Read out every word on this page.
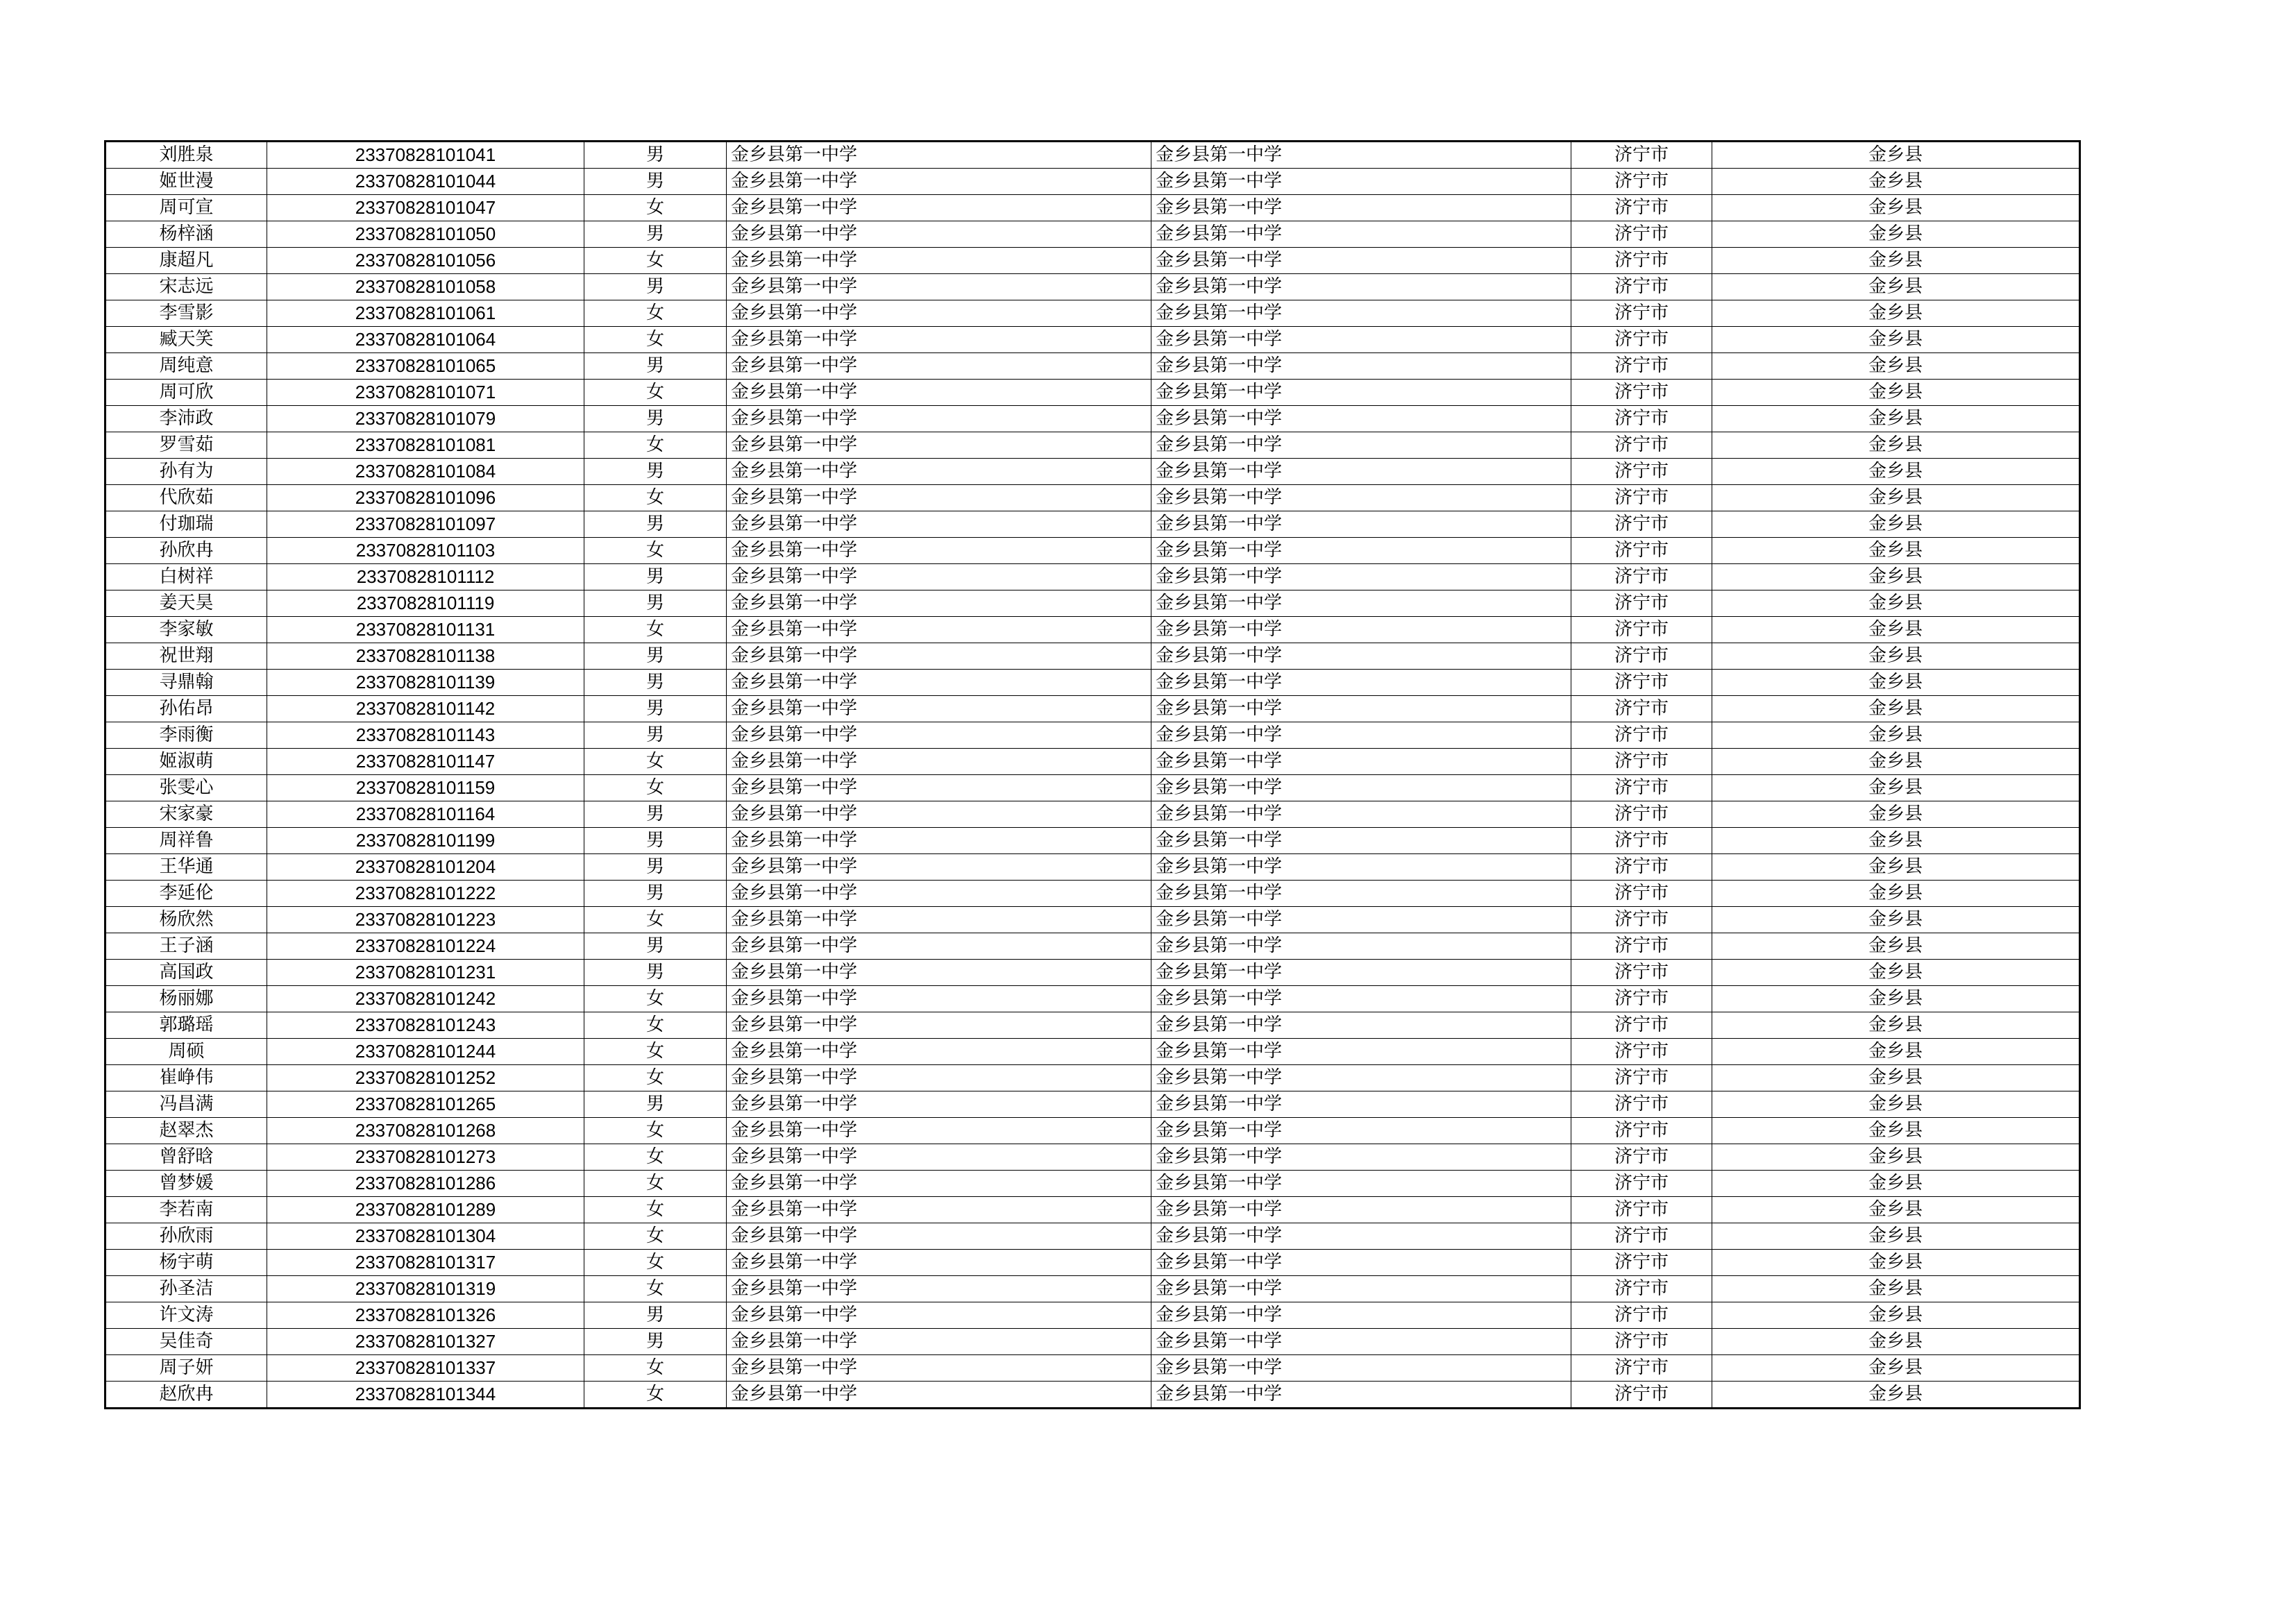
刘胜泉	23370828101041	男	金乡县第一中学	金乡县第一中学	济宁市	金乡县
姬世漫	23370828101044	男	金乡县第一中学	金乡县第一中学	济宁市	金乡县
周可宣	23370828101047	女	金乡县第一中学	金乡县第一中学	济宁市	金乡县
杨梓涵	23370828101050	男	金乡县第一中学	金乡县第一中学	济宁市	金乡县
康超凡	23370828101056	女	金乡县第一中学	金乡县第一中学	济宁市	金乡县
宋志远	23370828101058	男	金乡县第一中学	金乡县第一中学	济宁市	金乡县
李雪影	23370828101061	女	金乡县第一中学	金乡县第一中学	济宁市	金乡县
臧天笑	23370828101064	女	金乡县第一中学	金乡县第一中学	济宁市	金乡县
周纯意	23370828101065	男	金乡县第一中学	金乡县第一中学	济宁市	金乡县
周可欣	23370828101071	女	金乡县第一中学	金乡县第一中学	济宁市	金乡县
李沛政	23370828101079	男	金乡县第一中学	金乡县第一中学	济宁市	金乡县
罗雪茹	23370828101081	女	金乡县第一中学	金乡县第一中学	济宁市	金乡县
孙有为	23370828101084	男	金乡县第一中学	金乡县第一中学	济宁市	金乡县
代欣茹	23370828101096	女	金乡县第一中学	金乡县第一中学	济宁市	金乡县
付珈瑞	23370828101097	男	金乡县第一中学	金乡县第一中学	济宁市	金乡县
孙欣冉	23370828101103	女	金乡县第一中学	金乡县第一中学	济宁市	金乡县
白树祥	23370828101112	男	金乡县第一中学	金乡县第一中学	济宁市	金乡县
姜天昊	23370828101119	男	金乡县第一中学	金乡县第一中学	济宁市	金乡县
李家敏	23370828101131	女	金乡县第一中学	金乡县第一中学	济宁市	金乡县
祝世翔	23370828101138	男	金乡县第一中学	金乡县第一中学	济宁市	金乡县
寻鼎翰	23370828101139	男	金乡县第一中学	金乡县第一中学	济宁市	金乡县
孙佑昂	23370828101142	男	金乡县第一中学	金乡县第一中学	济宁市	金乡县
李雨衡	23370828101143	男	金乡县第一中学	金乡县第一中学	济宁市	金乡县
姬淑萌	23370828101147	女	金乡县第一中学	金乡县第一中学	济宁市	金乡县
张雯心	23370828101159	女	金乡县第一中学	金乡县第一中学	济宁市	金乡县
宋家豪	23370828101164	男	金乡县第一中学	金乡县第一中学	济宁市	金乡县
周祥鲁	23370828101199	男	金乡县第一中学	金乡县第一中学	济宁市	金乡县
王华通	23370828101204	男	金乡县第一中学	金乡县第一中学	济宁市	金乡县
李延伦	23370828101222	男	金乡县第一中学	金乡县第一中学	济宁市	金乡县
杨欣然	23370828101223	女	金乡县第一中学	金乡县第一中学	济宁市	金乡县
王子涵	23370828101224	男	金乡县第一中学	金乡县第一中学	济宁市	金乡县
高国政	23370828101231	男	金乡县第一中学	金乡县第一中学	济宁市	金乡县
杨丽娜	23370828101242	女	金乡县第一中学	金乡县第一中学	济宁市	金乡县
郭璐瑶	23370828101243	女	金乡县第一中学	金乡县第一中学	济宁市	金乡县
周硕	23370828101244	女	金乡县第一中学	金乡县第一中学	济宁市	金乡县
崔峥伟	23370828101252	女	金乡县第一中学	金乡县第一中学	济宁市	金乡县
冯昌满	23370828101265	男	金乡县第一中学	金乡县第一中学	济宁市	金乡县
赵翠杰	23370828101268	女	金乡县第一中学	金乡县第一中学	济宁市	金乡县
曾舒晗	23370828101273	女	金乡县第一中学	金乡县第一中学	济宁市	金乡县
曾梦媛	23370828101286	女	金乡县第一中学	金乡县第一中学	济宁市	金乡县
李若南	23370828101289	女	金乡县第一中学	金乡县第一中学	济宁市	金乡县
孙欣雨	23370828101304	女	金乡县第一中学	金乡县第一中学	济宁市	金乡县
杨宇萌	23370828101317	女	金乡县第一中学	金乡县第一中学	济宁市	金乡县
孙圣洁	23370828101319	女	金乡县第一中学	金乡县第一中学	济宁市	金乡县
许文涛	23370828101326	男	金乡县第一中学	金乡县第一中学	济宁市	金乡县
吴佳奇	23370828101327	男	金乡县第一中学	金乡县第一中学	济宁市	金乡县
周子妍	23370828101337	女	金乡县第一中学	金乡县第一中学	济宁市	金乡县
赵欣冉	23370828101344	女	金乡县第一中学	金乡县第一中学	济宁市	金乡县
